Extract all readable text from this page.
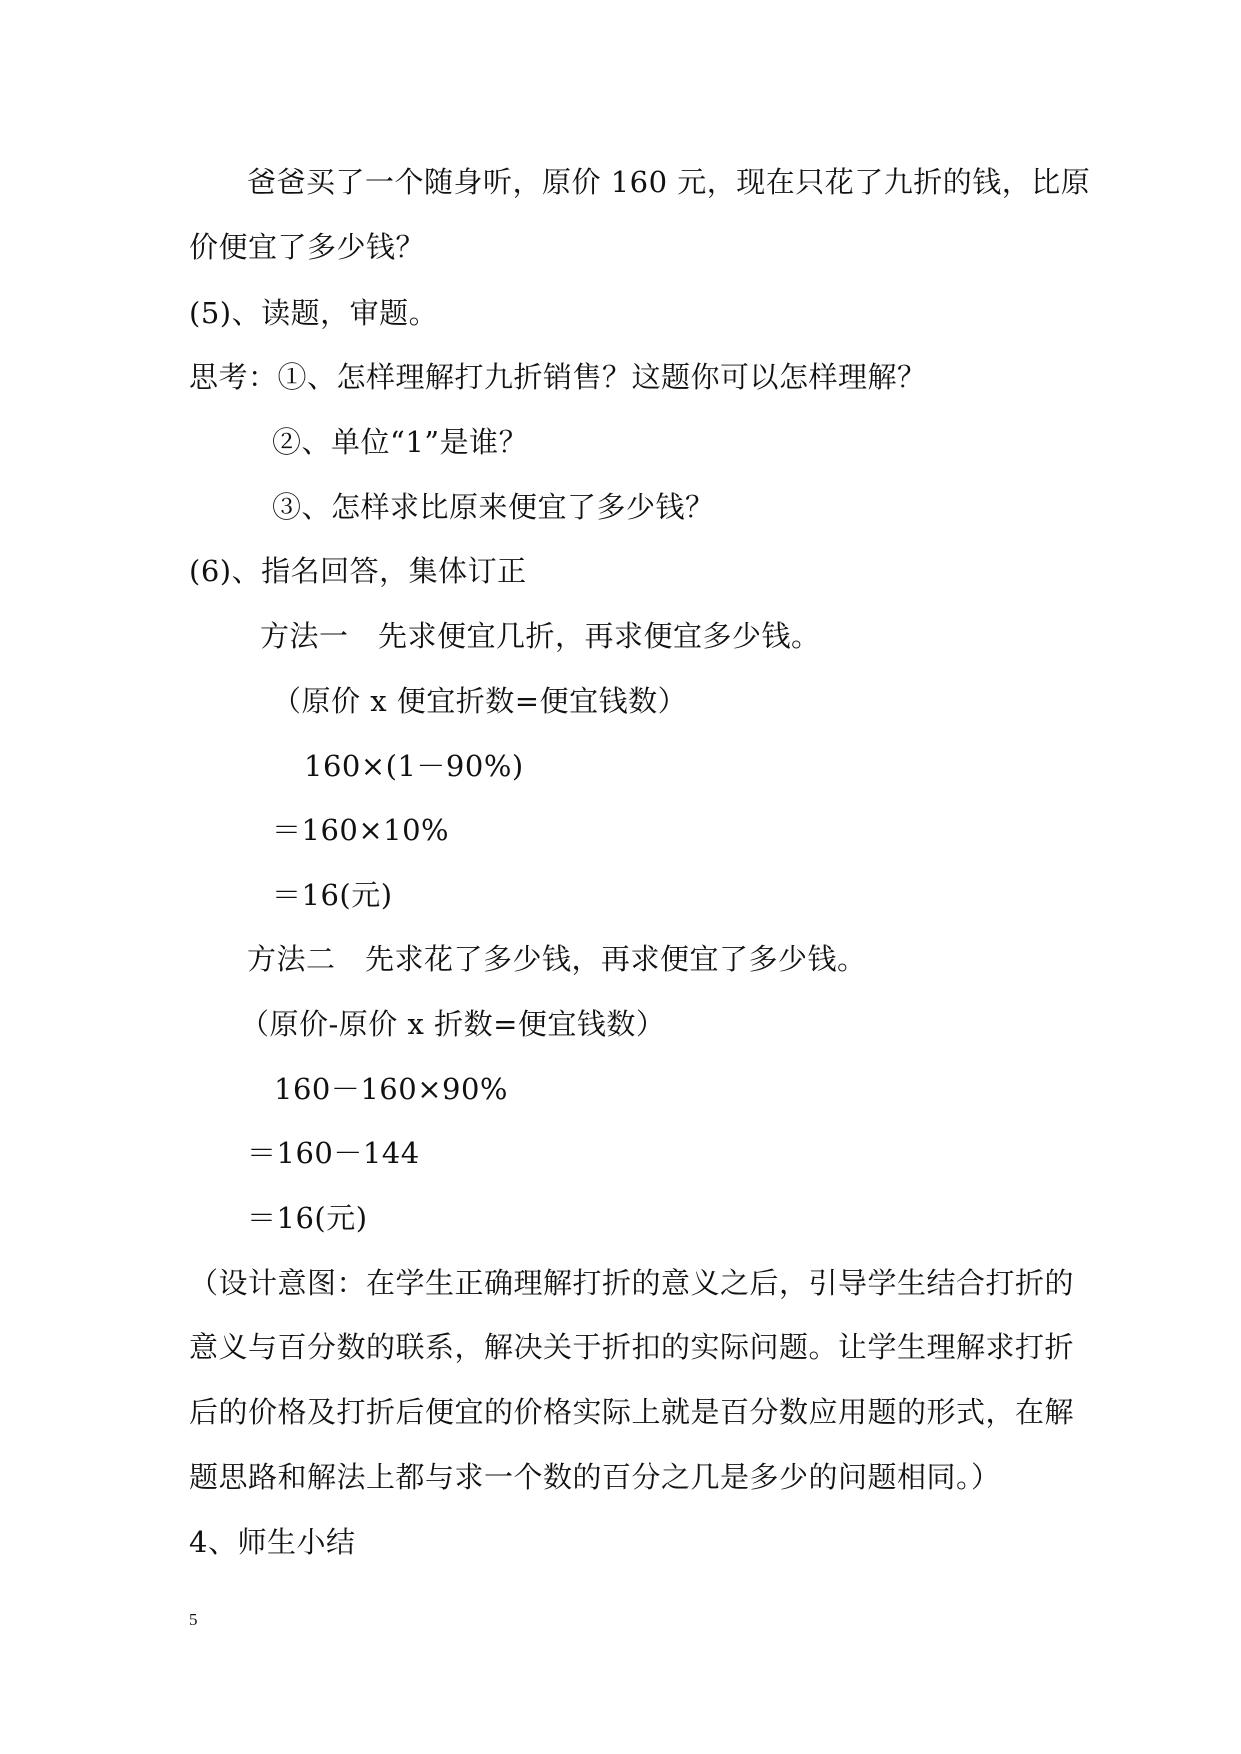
爸爸买了一个随身听，原价 160 元，现在只花了九折的钱，比原
价便宜了多少钱？
(5)、读题，审题。
思考：①、怎样理解打九折销售？这题你可以怎样理解？
②、单位“1”是谁？
③、怎样求比原来便宜了多少钱？
(6)、指名回答，集体订正
方法一　先求便宜几折，再求便宜多少钱。
（原价 x 便宜折数=便宜钱数）
160×(1－90%)
＝160×10%
＝16(元)
方法二　先求花了多少钱，再求便宜了多少钱。
（原价-原价 x 折数=便宜钱数）
160－160×90%
＝160－144
＝16(元)
（设计意图：在学生正确理解打折的意义之后，引导学生结合打折的
意义与百分数的联系，解决关于折扣的实际问题。让学生理解求打折
后的价格及打折后便宜的价格实际上就是百分数应用题的形式，在解
题思路和解法上都与求一个数的百分之几是多少的问题相同。）
4、师生小结
5
